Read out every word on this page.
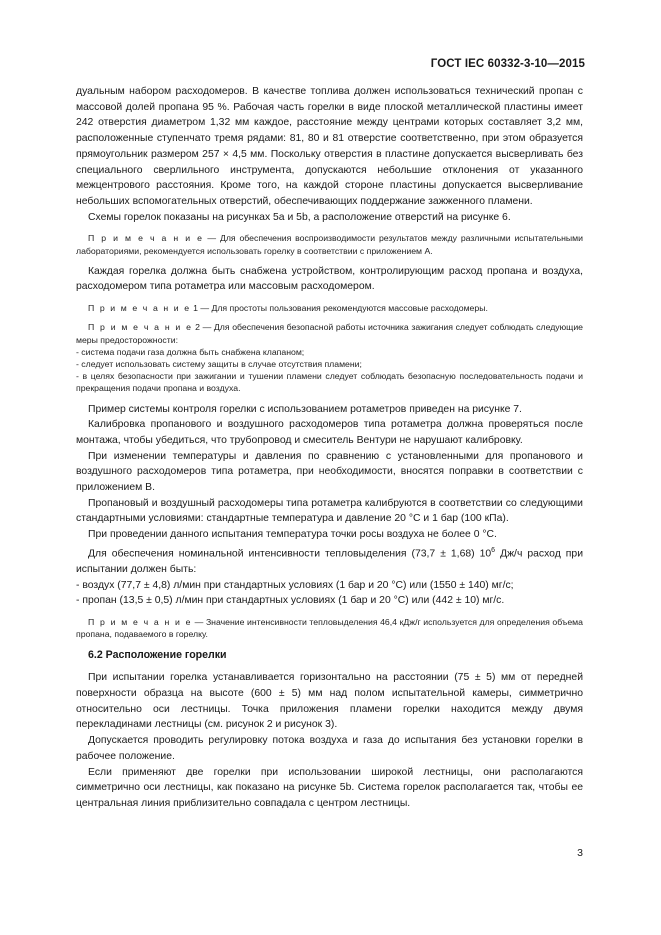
ГОСТ IEC 60332-3-10—2015

дуальным набором расходомеров. В качестве топлива должен использоваться технический пропан с массовой долей пропана 95 %. Рабочая часть горелки в виде плоской металлической пластины имеет 242 отверстия диаметром 1,32 мм каждое, расстояние между центрами которых составляет 3,2 мм, расположенные ступенчато тремя рядами: 81, 80 и 81 отверстие соответственно, при этом образуется прямоугольник размером 257 × 4,5 мм. Поскольку отверстия в пластине допускается высверливать без специального сверлильного инструмента, допускаются небольшие отклонения от указанного межцентрового расстояния. Кроме того, на каждой стороне пластины допускается высверливание небольших вспомогательных отверстий, обеспечивающих поддержание зажженного пламени.

Схемы горелок показаны на рисунках 5а и 5b, а расположение отверстий на рисунке 6.

П р и м е ч а н и е — Для обеспечения воспроизводимости результатов между различными испытательными лабораториями, рекомендуется использовать горелку в соответствии с приложением А.

Каждая горелка должна быть снабжена устройством, контролирующим расход пропана и воздуха, расходомером типа ротаметра или массовым расходомером.

П р и м е ч а н и е 1 — Для простоты пользования рекомендуются массовые расходомеры.

П р и м е ч а н и е 2 — Для обеспечения безопасной работы источника зажигания следует соблюдать следующие меры предосторожности:

- система подачи газа должна быть снабжена клапаном;

- следует использовать систему защиты в случае отсутствия пламени;

- в целях безопасности при зажигании и тушении пламени следует соблюдать безопасную последовательность подачи и прекращения подачи пропана и воздуха.

Пример системы контроля горелки с использованием ротаметров приведен на рисунке 7.

Калибровка пропанового и воздушного расходомеров типа ротаметра должна проверяться после монтажа, чтобы убедиться, что трубопровод и смеситель Вентури не нарушают калибровку.

При изменении температуры и давления по сравнению с установленными для пропанового и воздушного расходомеров типа ротаметра, при необходимости, вносятся поправки в соответствии с приложением В.

Пропановый и воздушный расходомеры типа ротаметра калибруются в соответствии со следующими стандартными условиями: стандартные температура и давление 20 °C и 1 бар (100 кПа).

При проведении данного испытания температура точки росы воздуха не более 0 °C.

Для обеспечения номинальной интенсивности тепловыделения (73,7 ± 1,68) $10^6$ Дж/ч расход при испытании должен быть:

- воздух (77,7 ± 4,8) л/мин при стандартных условиях (1 бар и 20 °C) или (1550 ± 140) мг/с;

- пропан (13,5 ± 0,5) л/мин при стандартных условиях (1 бар и 20 °C) или (442 ± 10) мг/с.

П р и м е ч а н и е — Значение интенсивности тепловыделения 46,4 кДж/г используется для определения объема пропана, подаваемого в горелку.

6.2 Расположение горелки

При испытании горелка устанавливается горизонтально на расстоянии (75 ± 5) мм от передней поверхности образца на высоте (600 ± 5) мм над полом испытательной камеры, симметрично относительно оси лестницы. Точка приложения пламени горелки находится между двумя перекладинами лестницы (см. рисунок 2 и рисунок 3).

Допускается проводить регулировку потока воздуха и газа до испытания без установки горелки в рабочее положение.

Если применяют две горелки при использовании широкой лестницы, они располагаются симметрично оси лестницы, как показано на рисунке 5b. Система горелок располагается так, чтобы ее центральная линия приблизительно совпадала с центром лестницы.

3
